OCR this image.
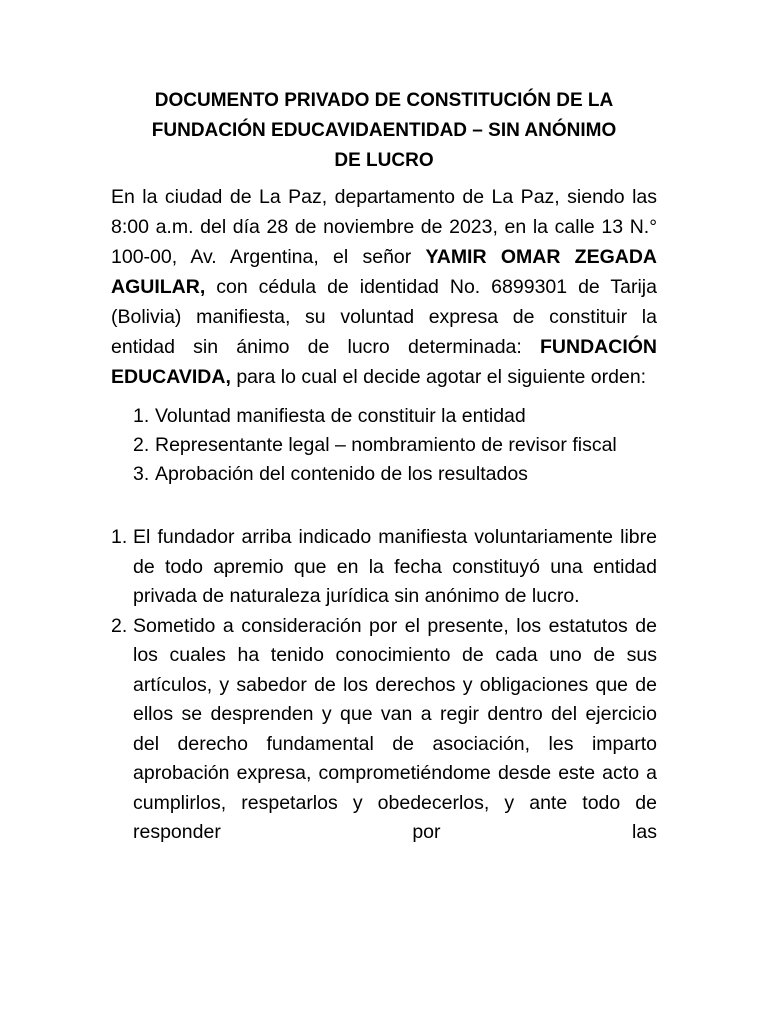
DOCUMENTO PRIVADO DE CONSTITUCIÓN DE LA
FUNDACIÓN EDUCAVIDAENTIDAD – SIN ANÓNIMO
DE LUCRO

En la ciudad de La Paz, departamento de La Paz, siendo las 8:00 a.m. del día 28 de noviembre de 2023, en la calle 13 N.° 100-00, Av. Argentina, el señor YAMIR OMAR ZEGADA AGUILAR, con cédula de identidad No. 6899301 de Tarija (Bolivia) manifiesta, su voluntad expresa de constituir la entidad sin ánimo de lucro determinada: FUNDACIÓN EDUCAVIDA, para lo cual el decide agotar el siguiente orden:

1. Voluntad manifiesta de constituir la entidad
2. Representante legal – nombramiento de revisor fiscal
3. Aprobación del contenido de los resultados
1. El fundador arriba indicado manifiesta voluntariamente libre de todo apremio que en la fecha constituyó una entidad privada de naturaleza jurídica sin anónimo de lucro.
2. Sometido a consideración por el presente, los estatutos de los cuales ha tenido conocimiento de cada uno de sus artículos, y sabedor de los derechos y obligaciones que de ellos se desprenden y que van a regir dentro del ejercicio del derecho fundamental de asociación, les imparto aprobación expresa, comprometiéndome desde este acto a cumplirlos, respetarlos y obedecerlos, y ante todo de responder por las
